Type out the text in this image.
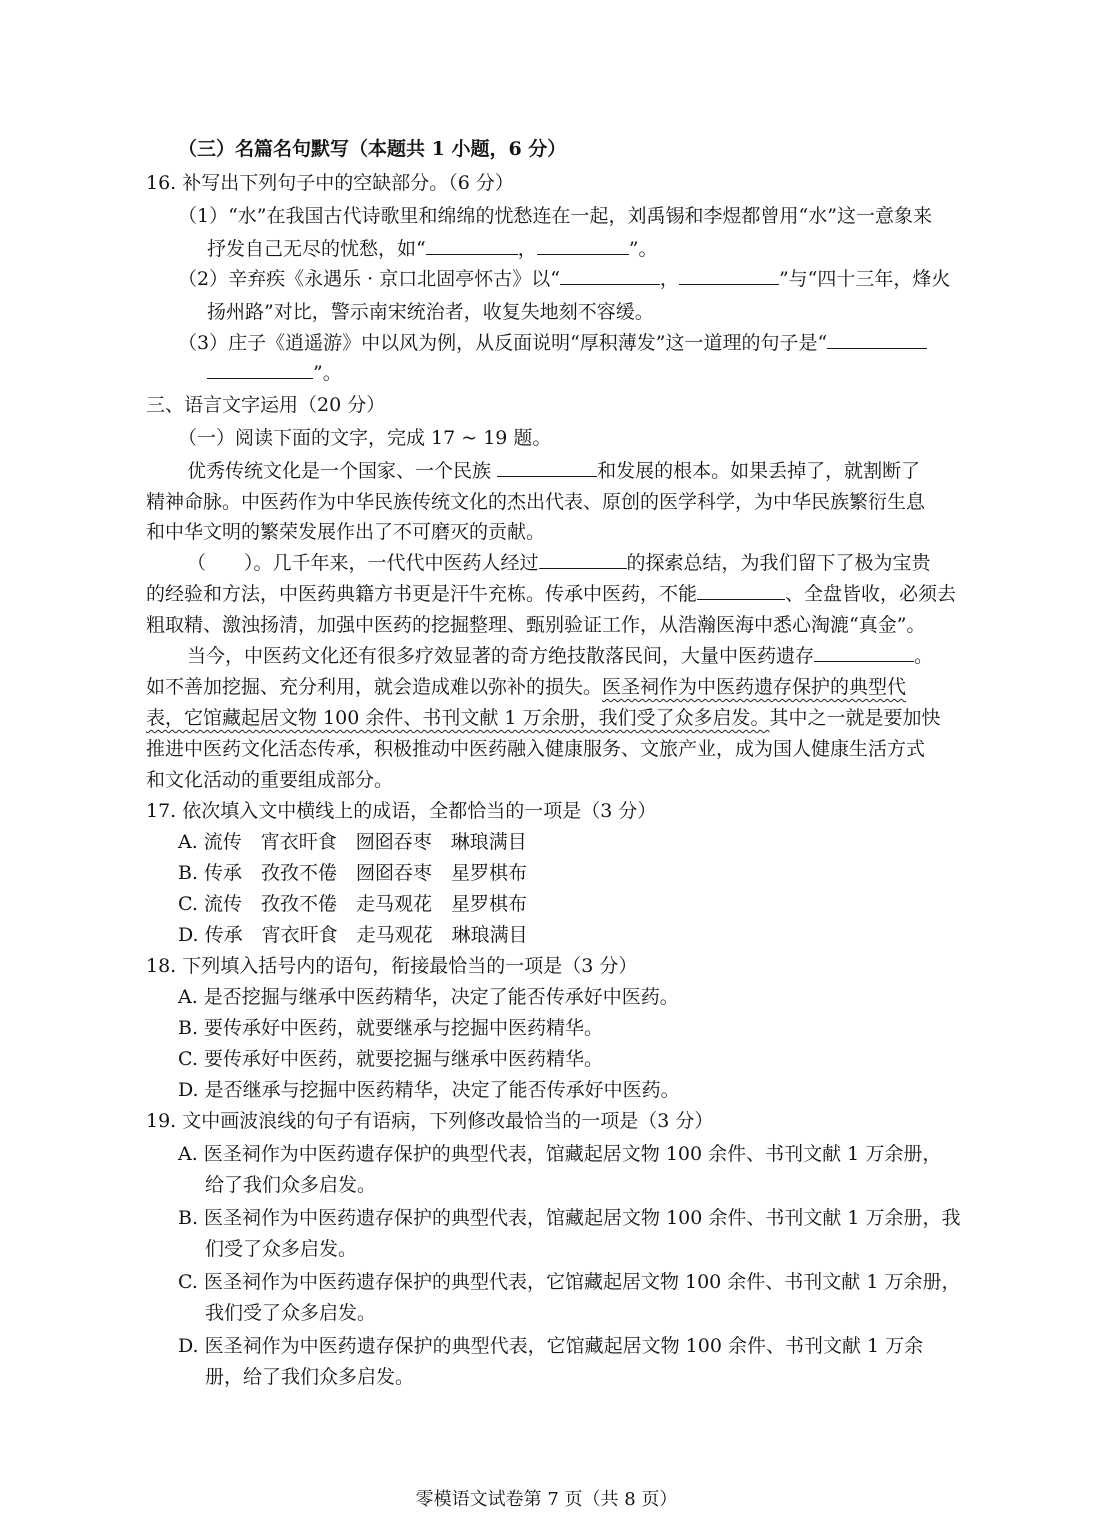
（三）名篇名句默写（本题共 1 小题，6 分）
16. 补写出下列句子中的空缺部分。（6 分）
（1）“水”在我国古代诗歌里和绵绵的忧愁连在一起，刘禹锡和李煜都曾用“水”这一意象来
抒发自己无尽的忧愁，如“	，	”。
（2）辛弃疾《永遇乐 · 京口北固亭怀古》以“	，	”与“四十三年，烽火
扬州路”对比，警示南宋统治者，收复失地刻不容缓。
（3）庄子《逍遥游》中以风为例，从反面说明“厚积薄发”这一道理的句子是“
”。
三、语言文字运用（20 分）
（一）阅读下面的文字，完成 17 ~ 19 题。
优秀传统文化是一个国家、一个民族	和发展的根本。如果丢掉了，就割断了
精神命脉。中医药作为中华民族传统文化的杰出代表、原创的医学科学，为中华民族繁衍生息
和中华文明的繁荣发展作出了不可磨灭的贡献。
（　　）。几千年来，一代代中医药人经过	的探索总结，为我们留下了极为宝贵
的经验和方法，中医药典籍方书更是汗牛充栋。传承中医药，不能	、全盘皆收，必须去
粗取精、激浊扬清，加强中医药的挖掘整理、甄别验证工作，从浩瀚医海中悉心淘漉“真金”。
当今，中医药文化还有很多疗效显著的奇方绝技散落民间，大量中医药遗存	。
如不善加挖掘、充分利用，就会造成难以弥补的损失。医圣祠作为中医药遗存保护的典型代
表，它馆藏起居文物 100 余件、书刊文献 1 万余册，我们受了众多启发。其中之一就是要加快
推进中医药文化活态传承，积极推动中医药融入健康服务、文旅产业，成为国人健康生活方式
和文化活动的重要组成部分。
17. 依次填入文中横线上的成语，全都恰当的一项是（3 分）
A. 流传　宵衣旰食　囫囵吞枣　琳琅满目
B. 传承　孜孜不倦　囫囵吞枣　星罗棋布
C. 流传　孜孜不倦　走马观花　星罗棋布
D. 传承　宵衣旰食　走马观花　琳琅满目
18. 下列填入括号内的语句，衔接最恰当的一项是（3 分）
A. 是否挖掘与继承中医药精华，决定了能否传承好中医药。
B. 要传承好中医药，就要继承与挖掘中医药精华。
C. 要传承好中医药，就要挖掘与继承中医药精华。
D. 是否继承与挖掘中医药精华，决定了能否传承好中医药。
19. 文中画波浪线的句子有语病，下列修改最恰当的一项是（3 分）
A. 医圣祠作为中医药遗存保护的典型代表，馆藏起居文物 100 余件、书刊文献 1 万余册，
给了我们众多启发。
B. 医圣祠作为中医药遗存保护的典型代表，馆藏起居文物 100 余件、书刊文献 1 万余册，我
们受了众多启发。
C. 医圣祠作为中医药遗存保护的典型代表，它馆藏起居文物 100 余件、书刊文献 1 万余册，
我们受了众多启发。
D. 医圣祠作为中医药遗存保护的典型代表，它馆藏起居文物 100 余件、书刊文献 1 万余
册，给了我们众多启发。
零模语文试卷第 7 页（共 8 页）
